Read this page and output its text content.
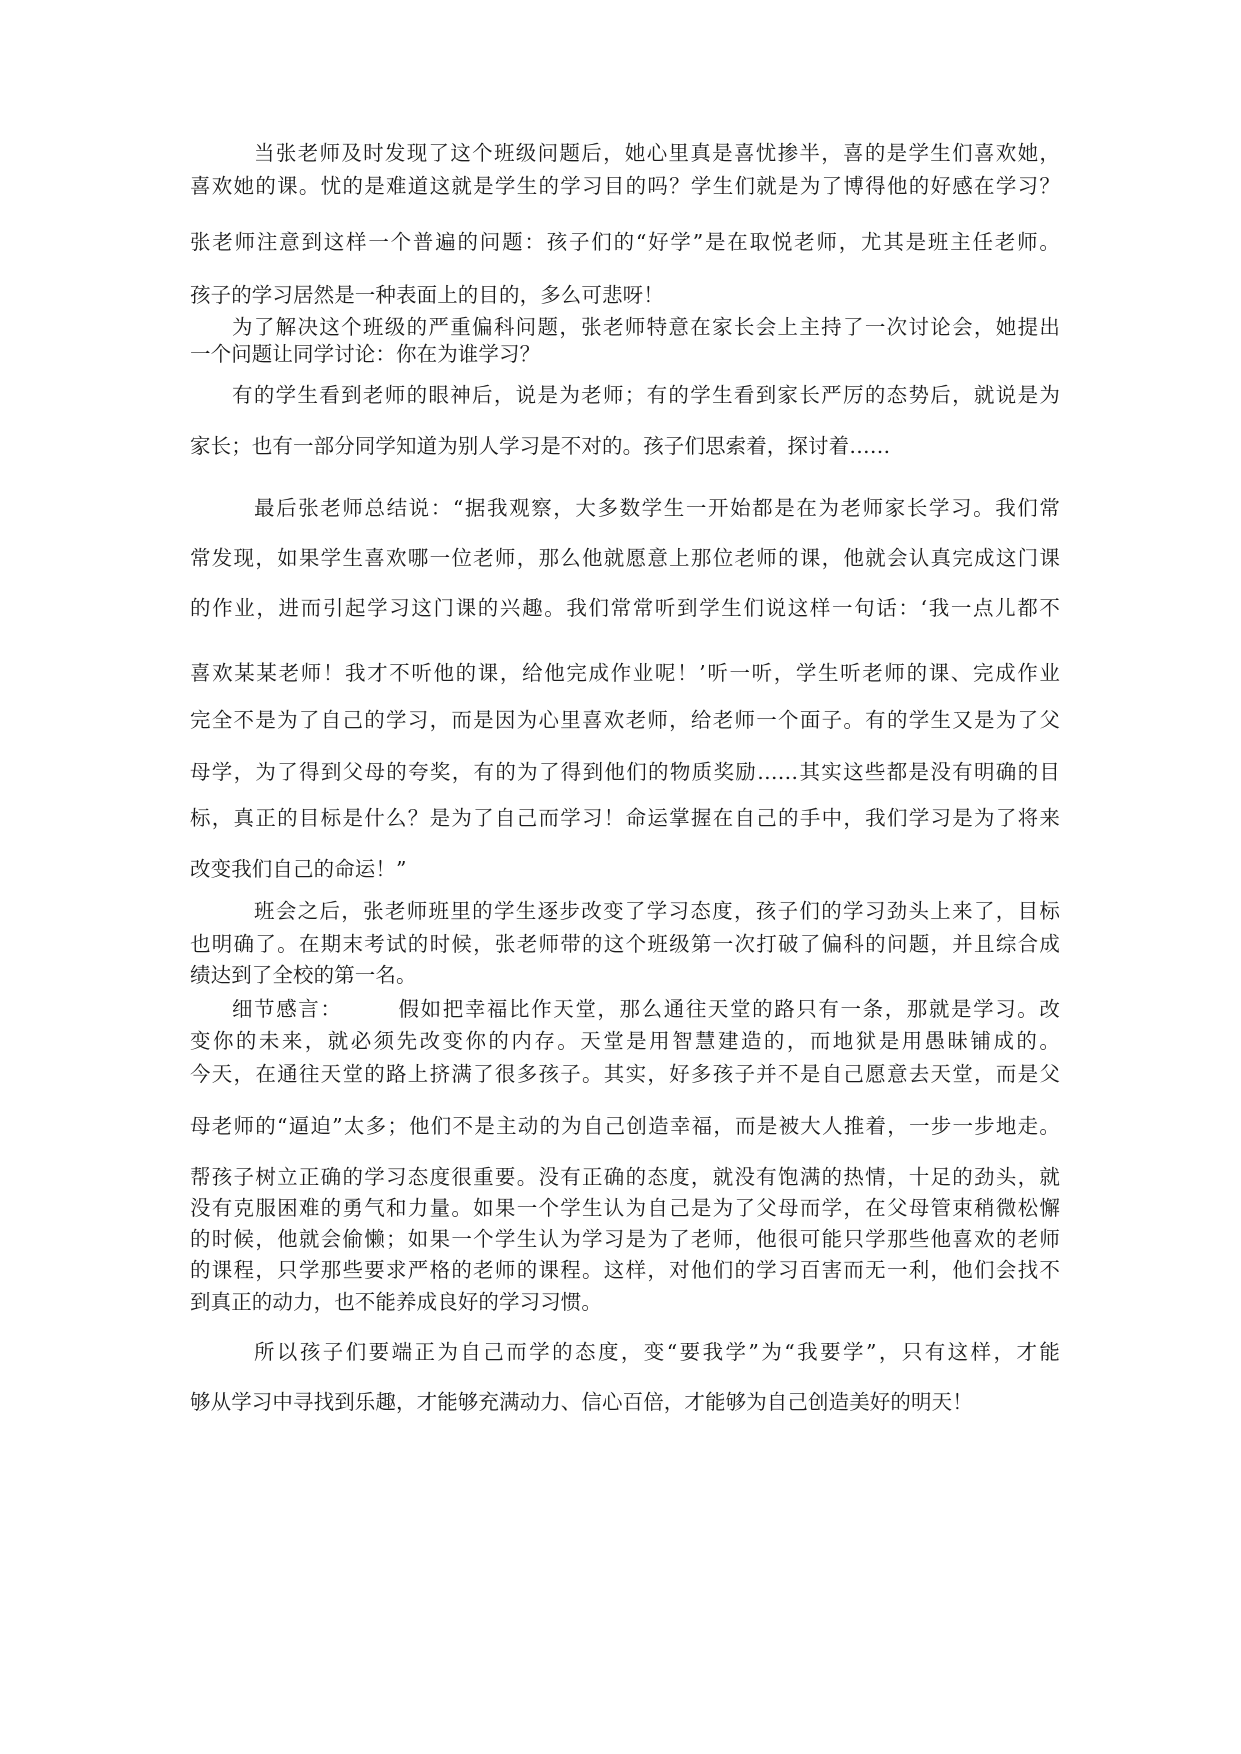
当张老师及时发现了这个班级问题后，她心里真是喜忧掺半，喜的是学生们喜欢她，
喜欢她的课。忧的是难道这就是学生的学习目的吗？学生们就是为了博得他的好感在学习？
张老师注意到这样一个普遍的问题：孩子们的“好学”是在取悦老师，尤其是班主任老师。
孩子的学习居然是一种表面上的目的，多么可悲呀！
为了解决这个班级的严重偏科问题，张老师特意在家长会上主持了一次讨论会，她提出
一个问题让同学讨论：你在为谁学习？
有的学生看到老师的眼神后，说是为老师；有的学生看到家长严厉的态势后，就说是为
家长；也有一部分同学知道为别人学习是不对的。孩子们思索着，探讨着……
最后张老师总结说：“据我观察，大多数学生一开始都是在为老师家长学习。我们常
常发现，如果学生喜欢哪一位老师，那么他就愿意上那位老师的课，他就会认真完成这门课
的作业，进而引起学习这门课的兴趣。我们常常听到学生们说这样一句话：‘我一点儿都不
喜欢某某老师！我才不听他的课，给他完成作业呢！’听一听，学生听老师的课、完成作业
完全不是为了自己的学习，而是因为心里喜欢老师，给老师一个面子。有的学生又是为了父
母学，为了得到父母的夸奖，有的为了得到他们的物质奖励……其实这些都是没有明确的目
标，真正的目标是什么？是为了自己而学习！命运掌握在自己的手中，我们学习是为了将来
改变我们自己的命运！”
班会之后，张老师班里的学生逐步改变了学习态度，孩子们的学习劲头上来了，目标
也明确了。在期末考试的时候，张老师带的这个班级第一次打破了偏科的问题，并且综合成
绩达到了全校的第一名。
细节感言：　　　假如把幸福比作天堂，那么通往天堂的路只有一条，那就是学习。改
变你的未来，就必须先改变你的内存。天堂是用智慧建造的，而地狱是用愚昧铺成的。
今天，在通往天堂的路上挤满了很多孩子。其实，好多孩子并不是自己愿意去天堂，而是父
母老师的“逼迫”太多；他们不是主动的为自己创造幸福，而是被大人推着，一步一步地走。
帮孩子树立正确的学习态度很重要。没有正确的态度，就没有饱满的热情，十足的劲头，就
没有克服困难的勇气和力量。如果一个学生认为自己是为了父母而学，在父母管束稍微松懈
的时候，他就会偷懒；如果一个学生认为学习是为了老师，他很可能只学那些他喜欢的老师
的课程，只学那些要求严格的老师的课程。这样，对他们的学习百害而无一利，他们会找不
到真正的动力，也不能养成良好的学习习惯。
所以孩子们要端正为自己而学的态度，变“要我学”为“我要学”，只有这样，才能
够从学习中寻找到乐趣，才能够充满动力、信心百倍，才能够为自己创造美好的明天！
